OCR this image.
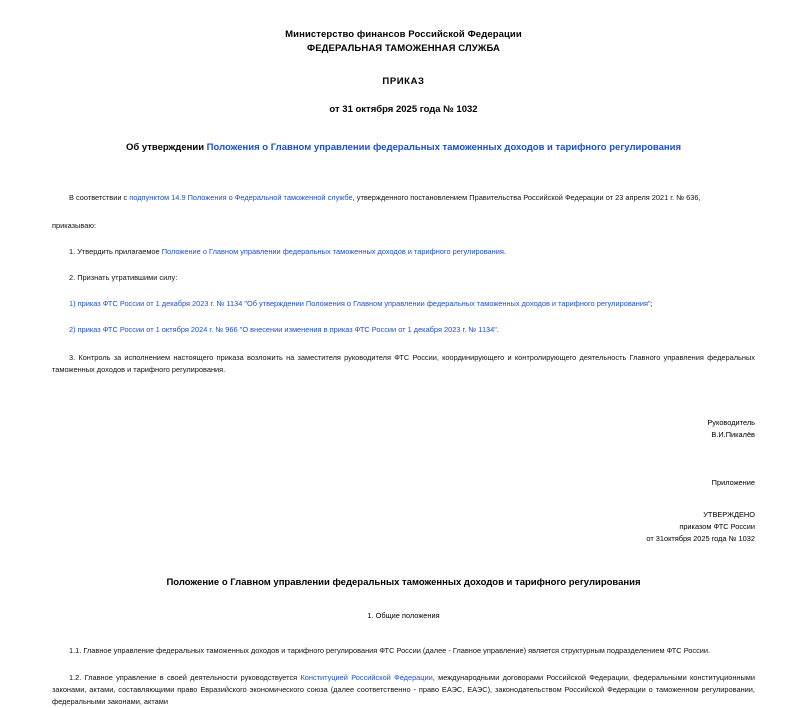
Министерство финансов Российской Федерации
ФЕДЕРАЛЬНАЯ ТАМОЖЕННАЯ СЛУЖБА
ПРИКАЗ
от 31 октября 2025 года № 1032
Об утверждении Положения о Главном управлении федеральных таможенных доходов и тарифного регулирования
В соответствии с подпунктом 14.9 Положения о Федеральной таможенной службе, утвержденного постановлением Правительства Российской Федерации от 23 апреля 2021 г. № 636,
приказываю:
1. Утвердить прилагаемое Положение о Главном управлении федеральных таможенных доходов и тарифного регулирования.
2. Признать утратившими силу:
1) приказ ФТС России от 1 декабря 2023 г. № 1134 "Об утверждении Положения о Главном управлении федеральных таможенных доходов и тарифного регулирования";
2) приказ ФТС России от 1 октября 2024 г. № 966 "О внесении изменения в приказ ФТС России от 1 декабря 2023 г. № 1134".
3. Контроль за исполнением настоящего приказа возложить на заместителя руководителя ФТС России, координирующего и контролирующего деятельность Главного управления федеральных таможенных доходов и тарифного регулирования.
Руководитель
В.И.Пикалёв
Приложение
УТВЕРЖДЕНО
приказом ФТС России
от 31октября 2025 года № 1032
Положение о Главном управлении федеральных таможенных доходов и тарифного регулирования
1. Общие положения
1.1. Главное управление федеральных таможенных доходов и тарифного регулирования ФТС России (далее - Главное управление) является структурным подразделением ФТС России.
1.2. Главное управление в своей деятельности руководствуется Конституцией Российской Федерации, международными договорами Российской Федерации, федеральными конституционными законами, актами, составляющими право Евразийского экономического союза (далее соответственно - право ЕАЭС, ЕАЭС), законодательством Российской Федерации о таможенном регулировании, федеральными законами, актами
